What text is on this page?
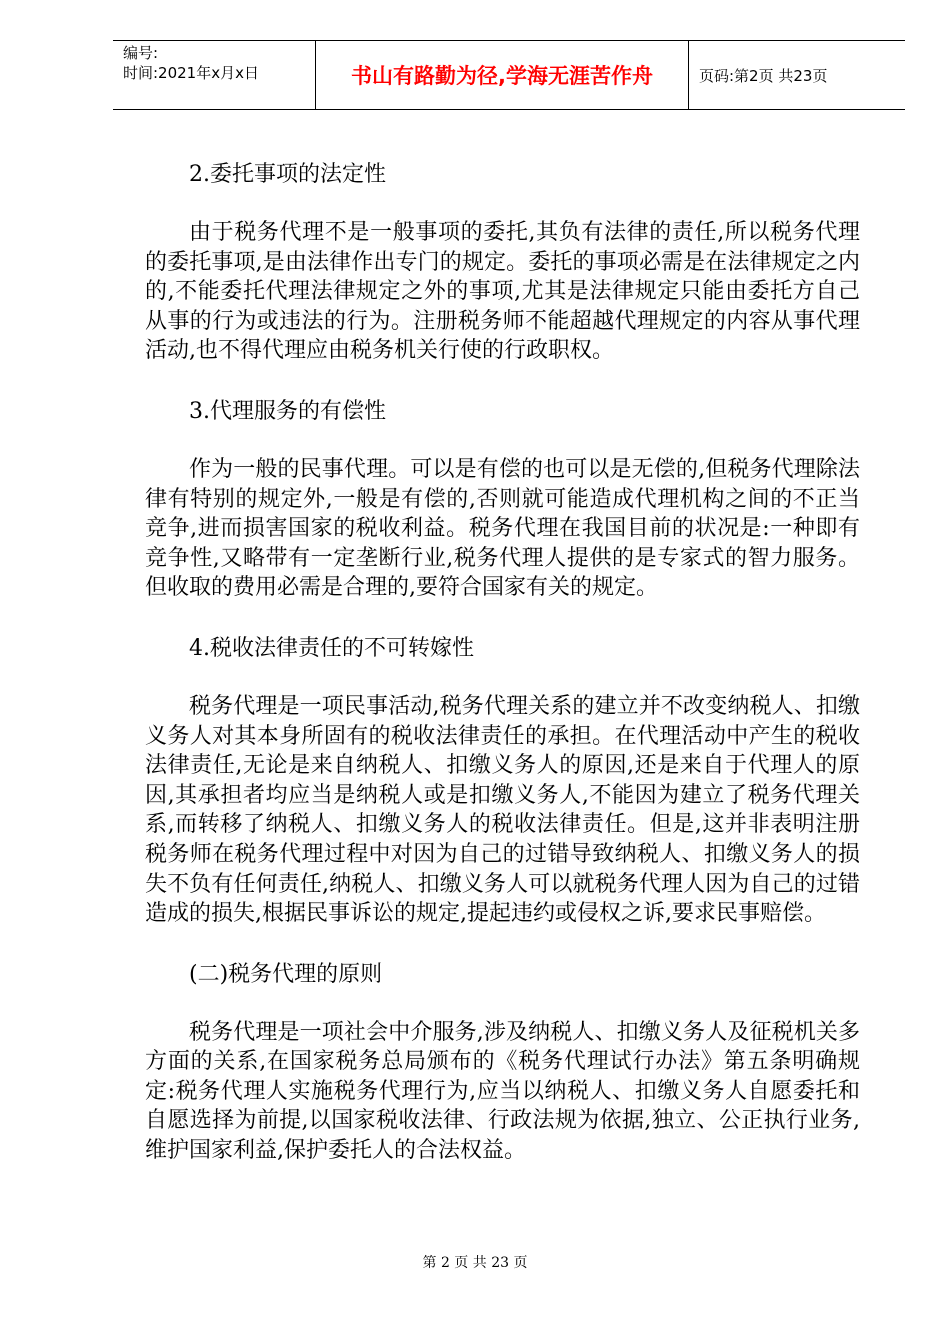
编号:
时间:2021年x月x日	书山有路勤为径,学海无涯苦作舟	页码:第2页 共23页

2.委托事项的法定性

由于税务代理不是一般事项的委托,其负有法律的责任,所以税务代理的委托事项,是由法律作出专门的规定。委托的事项必需是在法律规定之内的,不能委托代理法律规定之外的事项,尤其是法律规定只能由委托方自己从事的行为或违法的行为。注册税务师不能超越代理规定的内容从事代理活动,也不得代理应由税务机关行使的行政职权。

3.代理服务的有偿性

作为一般的民事代理。可以是有偿的也可以是无偿的,但税务代理除法律有特别的规定外,一般是有偿的,否则就可能造成代理机构之间的不正当竞争,进而损害国家的税收利益。税务代理在我国目前的状况是:一种即有竞争性,又略带有一定垄断行业,税务代理人提供的是专家式的智力服务。但收取的费用必需是合理的,要符合国家有关的规定。

4.税收法律责任的不可转嫁性

税务代理是一项民事活动,税务代理关系的建立并不改变纳税人、扣缴义务人对其本身所固有的税收法律责任的承担。在代理活动中产生的税收法律责任,无论是来自纳税人、扣缴义务人的原因,还是来自于代理人的原因,其承担者均应当是纳税人或是扣缴义务人,不能因为建立了税务代理关系,而转移了纳税人、扣缴义务人的税收法律责任。但是,这并非表明注册税务师在税务代理过程中对因为自己的过错导致纳税人、扣缴义务人的损失不负有任何责任,纳税人、扣缴义务人可以就税务代理人因为自己的过错造成的损失,根据民事诉讼的规定,提起违约或侵权之诉,要求民事赔偿。

(二)税务代理的原则

税务代理是一项社会中介服务,涉及纳税人、扣缴义务人及征税机关多方面的关系,在国家税务总局颁布的《税务代理试行办法》第五条明确规定:税务代理人实施税务代理行为,应当以纳税人、扣缴义务人自愿委托和自愿选择为前提,以国家税收法律、行政法规为依据,独立、公正执行业务,维护国家利益,保护委托人的合法权益。

第 2 页 共 23 页
